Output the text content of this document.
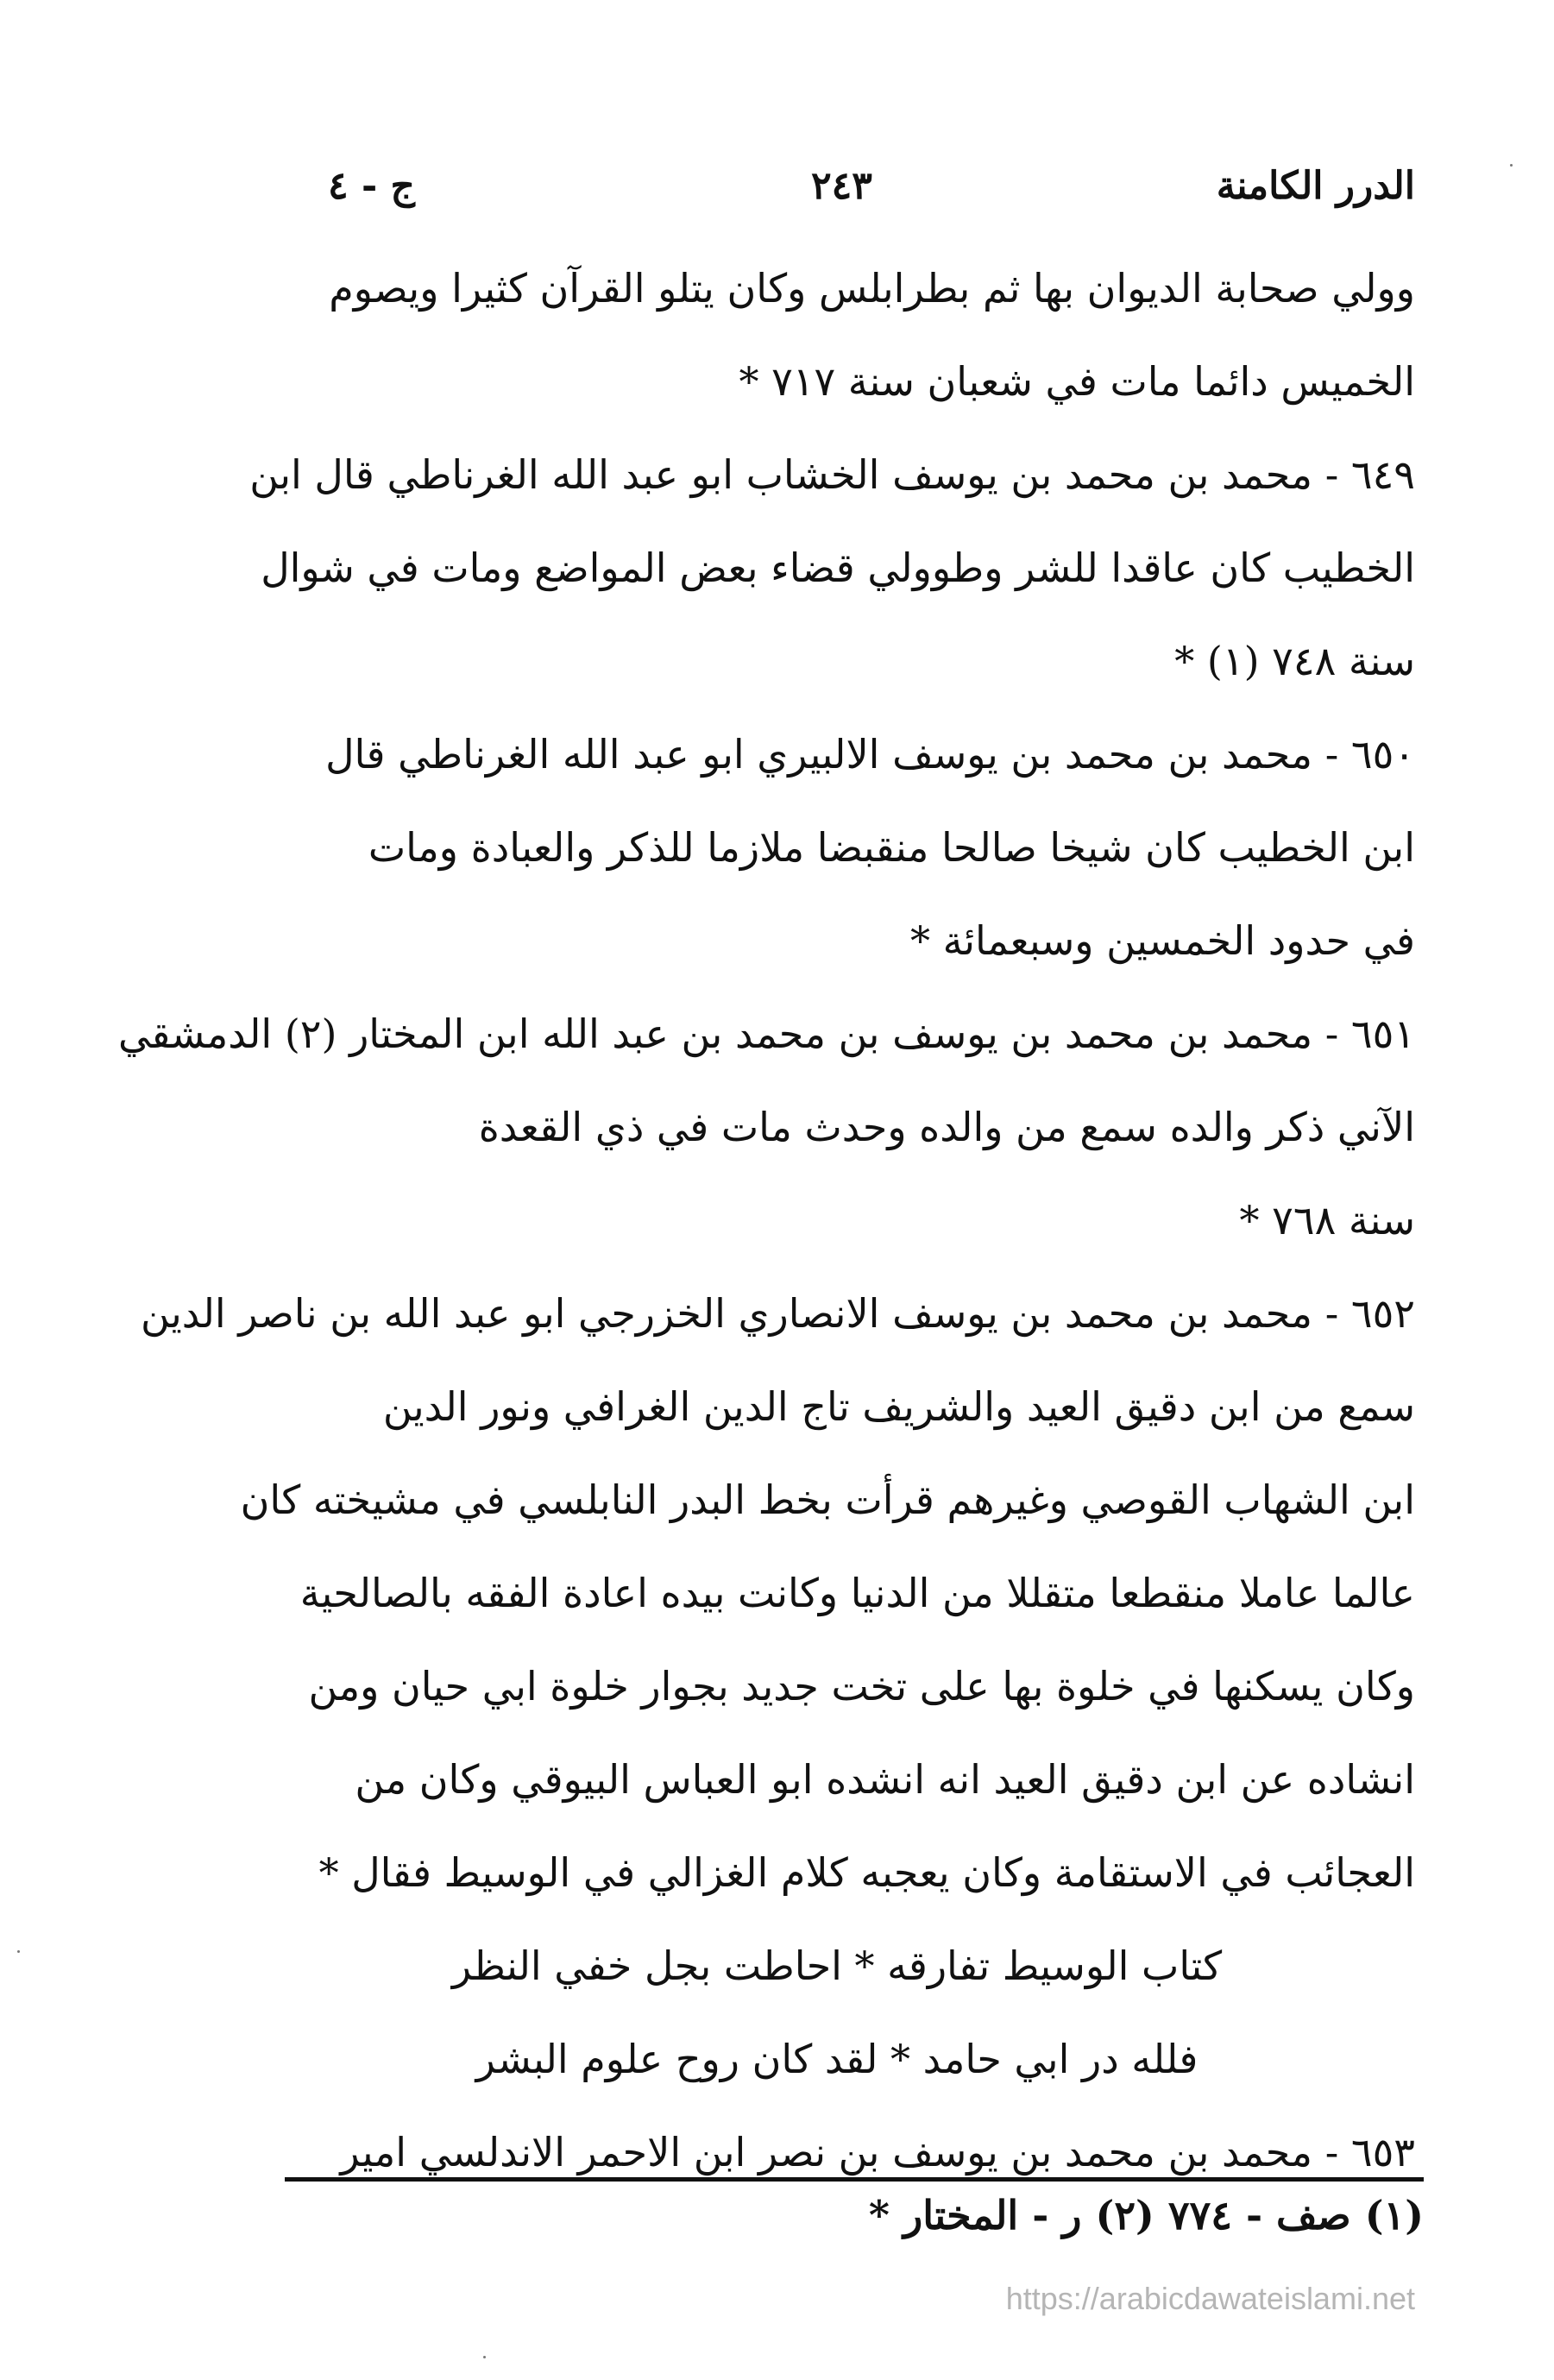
الدرر الكامنة
٢٤٣
ج - ٤
وولي صحابة الديوان بها ثم بطرابلس وكان يتلو القرآن كثيرا ويصوم
الخميس دائما مات في شعبان سنة ٧١٧ *
٦٤٩ - محمد بن محمد بن يوسف الخشاب ابو عبد الله الغرناطي قال ابن
الخطيب كان عاقدا للشر وطوولي قضاء بعض المواضع ومات في شوال
سنة ٧٤٨ (١) *
٦٥٠ - محمد بن محمد بن يوسف الالبيري ابو عبد الله الغرناطي قال
ابن الخطيب كان شيخا صالحا منقبضا ملازما للذكر والعبادة ومات
في حدود الخمسين وسبعمائة *
٦٥١ - محمد بن محمد بن يوسف بن محمد بن عبد الله ابن المختار (٢) الدمشقي
الآني ذكر والده سمع من والده وحدث مات في ذي القعدة
سنة ٧٦٨ *
٦٥٢ - محمد بن محمد بن يوسف الانصاري الخزرجي ابو عبد الله بن ناصر الدين
سمع من ابن دقيق العيد والشريف تاج الدين الغرافي ونور الدين
ابن الشهاب القوصي وغيرهم قرأت بخط البدر النابلسي في مشيخته كان
عالما عاملا منقطعا متقللا من الدنيا وكانت بيده اعادة الفقه بالصالحية
وكان يسكنها في خلوة بها على تخت جديد بجوار خلوة ابي حيان ومن
انشاده عن ابن دقيق العيد انه انشده ابو العباس البيوقي وكان من
العجائب في الاستقامة وكان يعجبه كلام الغزالي في الوسيط فقال *
كتاب الوسيط تفارقه * احاطت بجل خفي النظر
فلله در ابي حامد * لقد كان روح علوم البشر
٦٥٣ - محمد بن محمد بن يوسف بن نصر ابن الاحمر الاندلسي امير
(١) صف - ٧٧٤ (٢) ر - المختار *
https://arabicdawateislami.net
